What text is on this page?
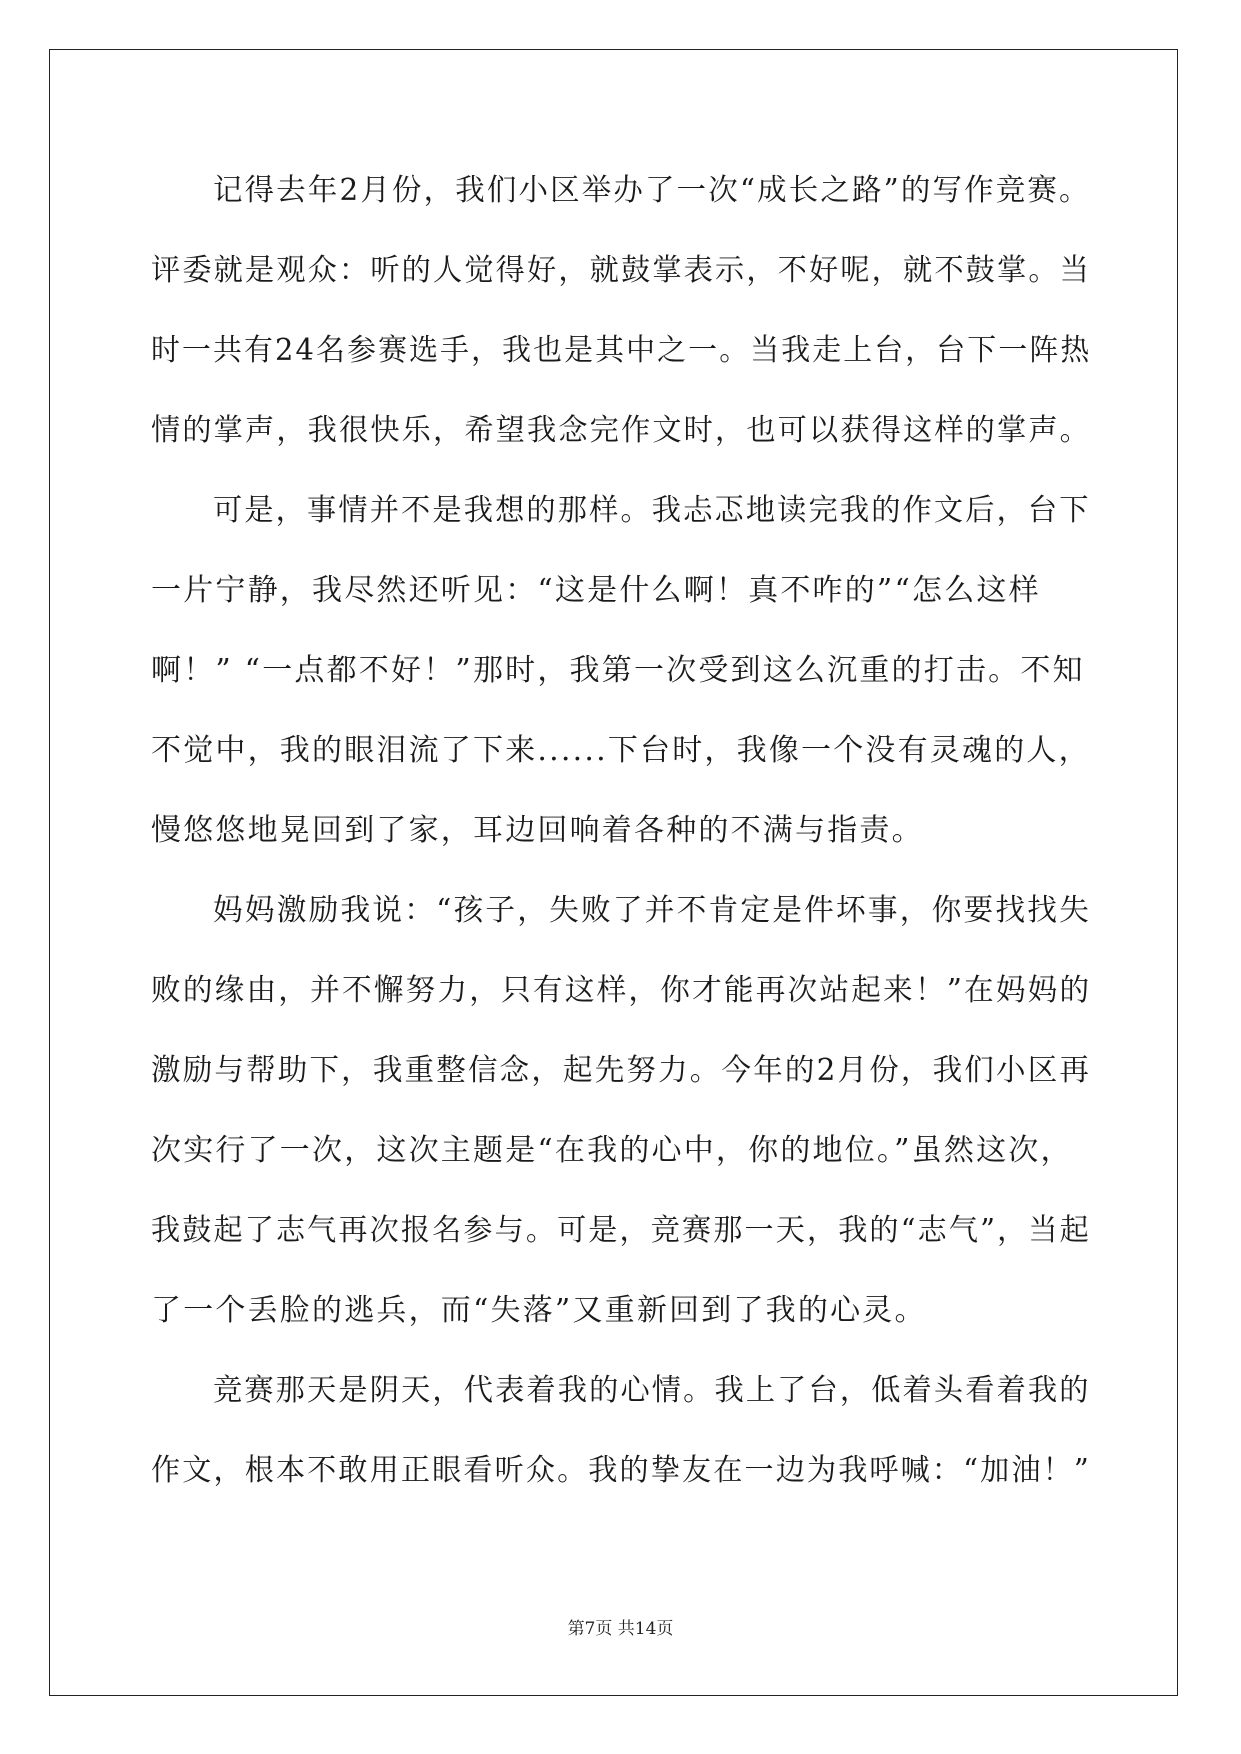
记得去年2月份，我们小区举办了一次“成长之路”的写作竞赛。
评委就是观众：听的人觉得好，就鼓掌表示，不好呢，就不鼓掌。当
时一共有24名参赛选手，我也是其中之一。当我走上台，台下一阵热
情的掌声，我很快乐，希望我念完作文时，也可以获得这样的掌声。
可是，事情并不是我想的那样。我忐忑地读完我的作文后，台下
一片宁静，我尽然还听见：“这是什么啊！真不咋的”“怎么这样
啊！” “一点都不好！”那时，我第一次受到这么沉重的打击。不知
不觉中，我的眼泪流了下来......下台时，我像一个没有灵魂的人，
慢悠悠地晃回到了家，耳边回响着各种的不满与指责。
妈妈激励我说：“孩子，失败了并不肯定是件坏事，你要找找失
败的缘由，并不懈努力，只有这样，你才能再次站起来！”在妈妈的
激励与帮助下，我重整信念，起先努力。今年的2月份，我们小区再
次实行了一次，这次主题是“在我的心中，你的地位。”虽然这次，
我鼓起了志气再次报名参与。可是，竞赛那一天，我的“志气”，当起
了一个丢脸的逃兵，而“失落”又重新回到了我的心灵。
竞赛那天是阴天，代表着我的心情。我上了台，低着头看着我的
作文，根本不敢用正眼看听众。我的挚友在一边为我呼喊：“加油！”
第7页 共14页
